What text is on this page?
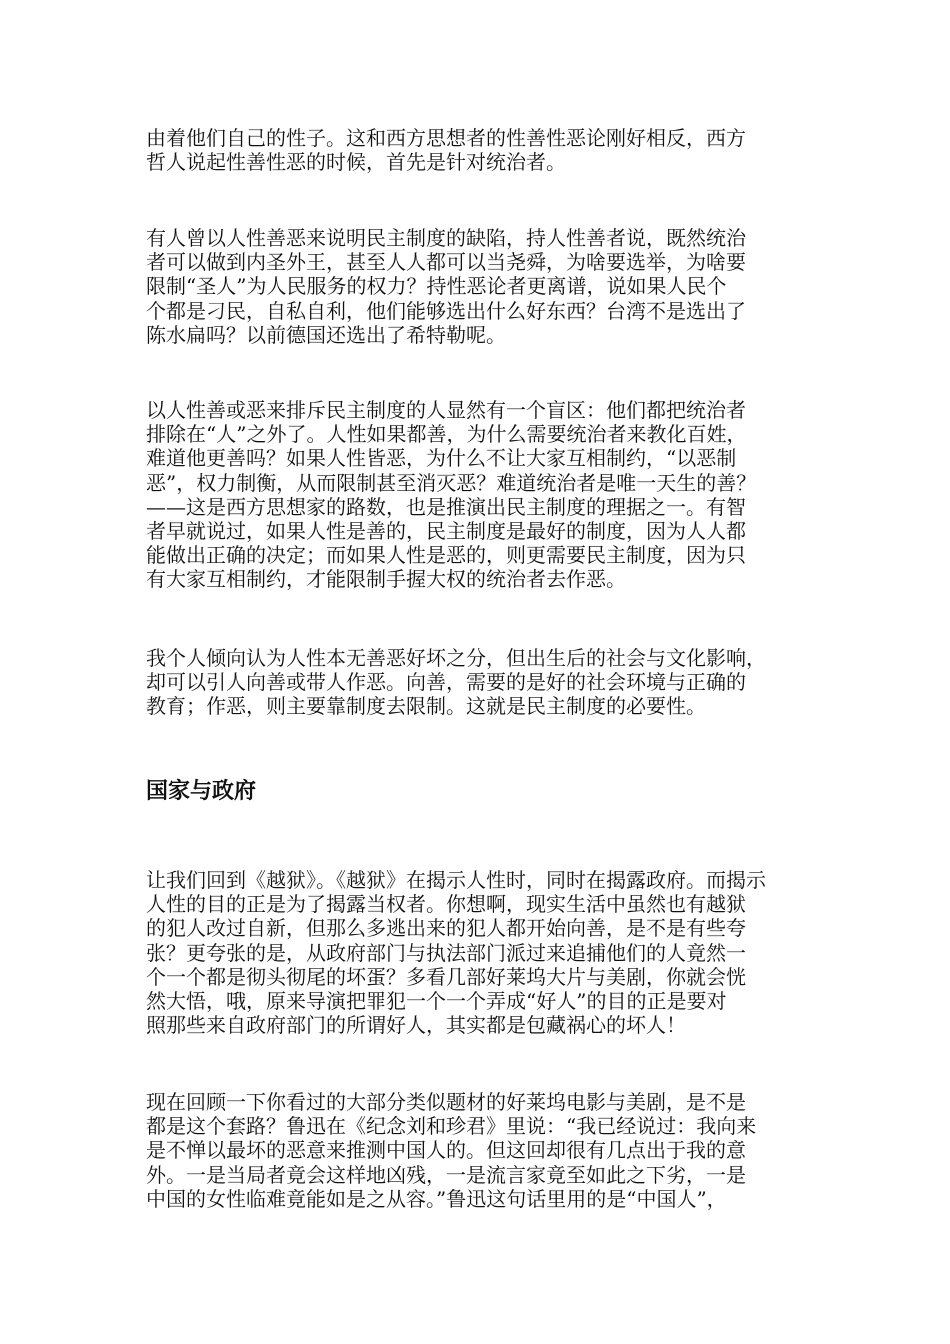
由着他们自己的性子。这和西方思想者的性善性恶论刚好相反，西方
哲人说起性善性恶的时候，首先是针对统治者。
有人曾以人性善恶来说明民主制度的缺陷，持人性善者说，既然统治
者可以做到内圣外王，甚至人人都可以当尧舜，为啥要选举，为啥要
限制“圣人”为人民服务的权力？持性恶论者更离谱，说如果人民个
个都是刁民，自私自利，他们能够选出什么好东西？台湾不是选出了
陈水扁吗？以前德国还选出了希特勒呢。
以人性善或恶来排斥民主制度的人显然有一个盲区：他们都把统治者
排除在“人”之外了。人性如果都善，为什么需要统治者来教化百姓，
难道他更善吗？如果人性皆恶，为什么不让大家互相制约，“以恶制
恶”，权力制衡，从而限制甚至消灭恶？难道统治者是唯一天生的善？
——这是西方思想家的路数，也是推演出民主制度的理据之一。有智
者早就说过，如果人性是善的，民主制度是最好的制度，因为人人都
能做出正确的决定；而如果人性是恶的，则更需要民主制度，因为只
有大家互相制约，才能限制手握大权的统治者去作恶。
我个人倾向认为人性本无善恶好坏之分，但出生后的社会与文化影响，
却可以引人向善或带人作恶。向善，需要的是好的社会环境与正确的
教育；作恶，则主要靠制度去限制。这就是民主制度的必要性。
国家与政府
让我们回到《越狱》。《越狱》在揭示人性时，同时在揭露政府。而揭示
人性的目的正是为了揭露当权者。你想啊，现实生活中虽然也有越狱
的犯人改过自新，但那么多逃出来的犯人都开始向善，是不是有些夸
张？更夸张的是，从政府部门与执法部门派过来追捕他们的人竟然一
个一个都是彻头彻尾的坏蛋？多看几部好莱坞大片与美剧，你就会恍
然大悟，哦，原来导演把罪犯一个一个弄成“好人”的目的正是要对
照那些来自政府部门的所谓好人，其实都是包藏祸心的坏人！
现在回顾一下你看过的大部分类似题材的好莱坞电影与美剧，是不是
都是这个套路？鲁迅在《纪念刘和珍君》里说：“我已经说过：我向来
是不惮以最坏的恶意来推测中国人的。但这回却很有几点出于我的意
外。一是当局者竟会这样地凶残，一是流言家竟至如此之下劣，一是
中国的女性临难竟能如是之从容。”鲁迅这句话里用的是“中国人”，
